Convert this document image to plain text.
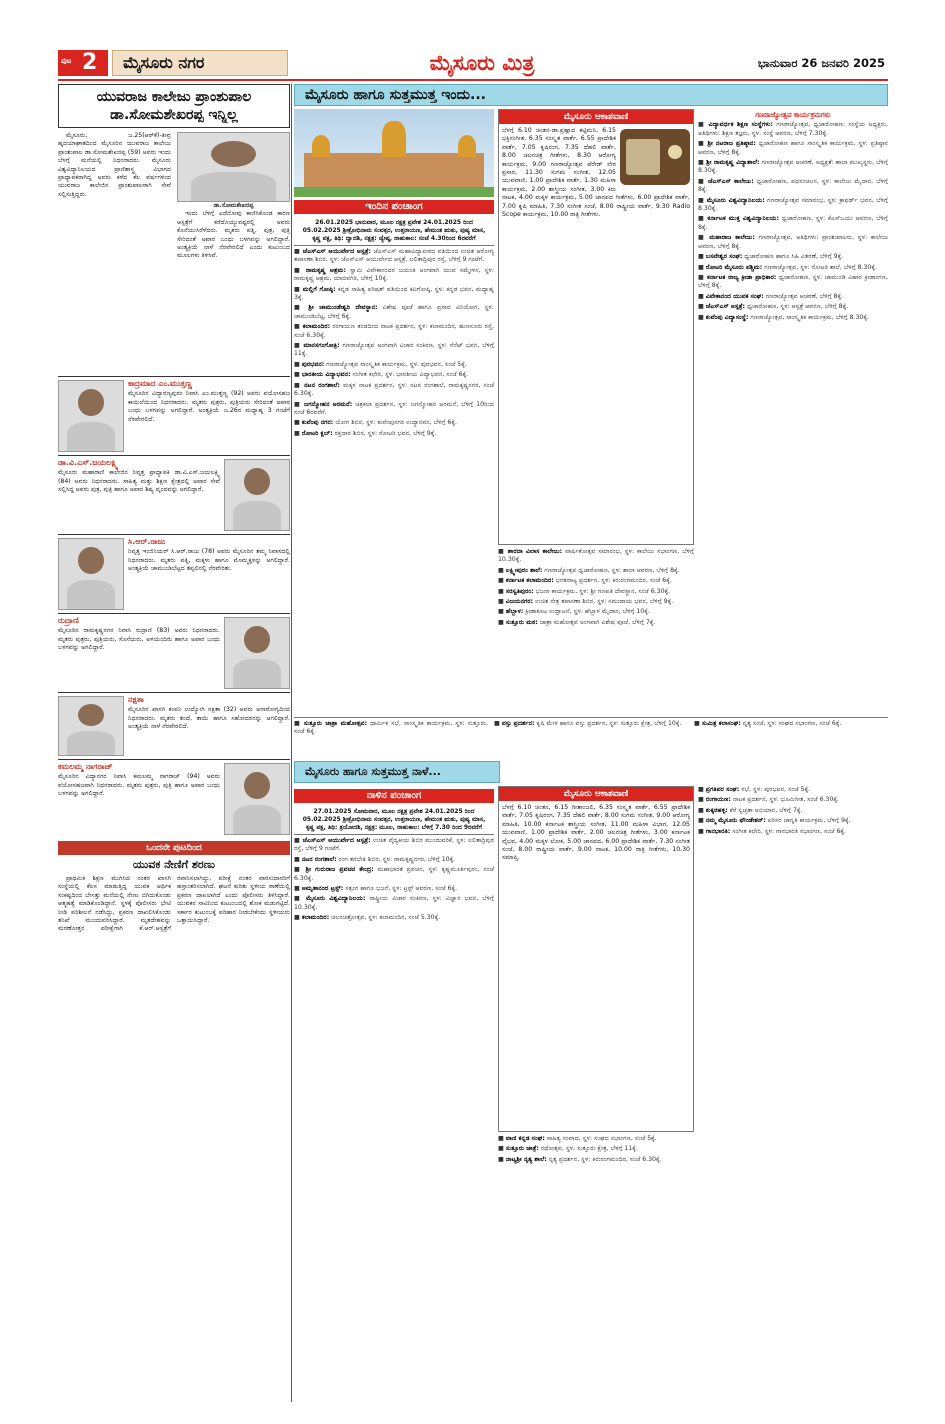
ಪುಟ 2	ಮೈಸೂರು ನಗರ	ಮೈಸೂರು ಮಿತ್ರ	ಭಾನುವಾರ 26 ಜನವರಿ 2025
ಯುವರಾಜ ಕಾಲೇಜು ಪ್ರಾಂಶುಪಾಲ ಡಾ.ಸೋಮಶೇಖರಪ್ಪ ಇನ್ನಿಲ್ಲ

ಮೈಸೂರು, ಜ.25(ಆರ್‌ಕೆ)-ತೀವ್ರ ಹೃದಯಾಘಾತದಿಂದ ಮೈಸೂರಿನ ಯುವರಾಜ ಕಾಲೇಜು ಪ್ರಾಂಶುಪಾಲ ಡಾ.ಸೋಮಶೇಖರಪ್ಪ (59) ಅವರು ಇಂದು ಬೆಳಗ್ಗೆ ಮನೆಯಲ್ಲಿ ನಿಧನರಾದರು. ಮೈಸೂರು ವಿಶ್ವವಿದ್ಯಾನಿಲಯದ ಪ್ರಾಣಿಶಾಸ್ತ್ರ ವಿಭಾಗದ ಪ್ರಾಧ್ಯಾಪಕರಾಗಿದ್ದ ಅವರು ಕಳೆದ ಕೆಲ ವರ್ಷಗಳಿಂದ ಯುವರಾಜ ಕಾಲೇಜಿನ ಪ್ರಾಂಶುಪಾಲರಾಗಿ ಸೇವೆ ಸಲ್ಲಿಸುತ್ತಿದ್ದರು.

ಡಾ.ಸೋಮಶೇಖರಪ್ಪ

ಇಂದು ಬೆಳಿಗ್ಗೆ ಎದೆನೋವು ಕಾಣಿಸಿಕೊಂಡ ಕಾರಣ ಆಸ್ಪತ್ರೆಗೆ ಕರೆದೊಯ್ಯುವಷ್ಟರಲ್ಲಿ ಅವರು ಕೊನೆಯುಸಿರೆಳೆದರು. ಮೃತರು ಪತ್ನಿ, ಪುತ್ರ, ಪುತ್ರಿ ಸೇರಿದಂತೆ ಅಪಾರ ಬಂಧು ಬಳಗವನ್ನು ಅಗಲಿದ್ದಾರೆ. ಅಂತ್ಯಕ್ರಿಯೆ ನಾಳೆ ನೆರವೇರಲಿದೆ ಎಂದು ಕುಟುಂಬದ ಮೂಲಗಳು ತಿಳಿಸಿವೆ.

ಕಾದ್ರಮಾದ ಎಂ.ಮುತ್ತಣ್ಣ
ಮೈಸೂರಿನ ವಿದ್ಯಾರಣ್ಯಪುರಂ ನಿವಾಸಿ ಎಂ.ಮುತ್ತಣ್ಣ (92) ಅವರು ವಯೋಸಹಜ ಕಾಯಿಲೆಯಿಂದ ನಿಧನರಾದರು. ಮೃತರು ಪುತ್ರರು, ಪುತ್ರಿಯರು ಸೇರಿದಂತೆ ಅಪಾರ ಬಂಧು ಬಳಗವನ್ನು ಅಗಲಿದ್ದಾರೆ. ಅಂತ್ಯಕ್ರಿಯೆ ಜ.26ರ ಮಧ್ಯಾಹ್ನ 3 ಗಂಟೆಗೆ ನೆರವೇರಲಿದೆ.
ಡಾ.ವಿ.ಎಸ್.ಜಯಲಕ್ಷ್ಮಿ
ಮೈಸೂರು ಮಹಾರಾಣಿ ಕಾಲೇಜಿನ ನಿವೃತ್ತ ಪ್ರಾಧ್ಯಾಪಕಿ ಡಾ.ವಿ.ಎಸ್.ಜಯಲಕ್ಷ್ಮಿ (84) ಅವರು ನಿಧನರಾದರು. ಸಾಹಿತ್ಯ ಮತ್ತು ಶಿಕ್ಷಣ ಕ್ಷೇತ್ರದಲ್ಲಿ ಅಪಾರ ಸೇವೆ ಸಲ್ಲಿಸಿದ್ದ ಅವರು ಪುತ್ರ, ಪುತ್ರಿ ಹಾಗೂ ಅಪಾರ ಶಿಷ್ಯ ವೃಂದವನ್ನು ಅಗಲಿದ್ದಾರೆ.
ಸಿ.ಆರ್.ರಾಜು
ನಿವೃತ್ತ ಇಂಜಿನಿಯರ್ ಸಿ.ಆರ್.ರಾಜು (78) ಅವರು ಮೈಸೂರಿನ ತಮ್ಮ ನಿವಾಸದಲ್ಲಿ ನಿಧನರಾದರು. ಮೃತರು ಪತ್ನಿ, ಮಕ್ಕಳು ಹಾಗೂ ಮೊಮ್ಮಕ್ಕಳನ್ನು ಅಗಲಿದ್ದಾರೆ. ಅಂತ್ಯಕ್ರಿಯೆ ಚಾಮುಂಡಿಬೆಟ್ಟದ ತಪ್ಪಲಿನಲ್ಲಿ ನೆರವೇರಿತು.
ರುದ್ರಾಣಿ
ಮೈಸೂರಿನ ರಾಮಕೃಷ್ಣನಗರ ನಿವಾಸಿ ರುದ್ರಾಣಿ (83) ಅವರು ನಿಧನರಾದರು. ಮೃತರು ಪುತ್ರರು, ಪುತ್ರಿಯರು, ಸೊಸೆಯರು, ಅಳಿಯಂದಿರು ಹಾಗೂ ಅಪಾರ ಬಂಧು ಬಳಗವನ್ನು ಅಗಲಿದ್ದಾರೆ.
ನಕ್ಷತಾ
ಮೈಸೂರಿನ ಖಾಸಗಿ ಕಂಪನಿ ಉದ್ಯೋಗಿ ನಕ್ಷತಾ (32) ಅವರು ಅನಾರೋಗ್ಯದಿಂದ ನಿಧನರಾದರು. ಮೃತರು ತಂದೆ, ತಾಯಿ ಹಾಗೂ ಸಹೋದರನನ್ನು ಅಗಲಿದ್ದಾರೆ. ಅಂತ್ಯಕ್ರಿಯೆ ನಾಳೆ ನೆರವೇರಲಿದೆ.
ಕಮಲಮ್ಮ ನಾಗರಾಜ್
ಮೈಸೂರಿನ ವಿದ್ಯಾನಗರ ನಿವಾಸಿ ಕಮಲಮ್ಮ ನಾಗರಾಜ್ (94) ಅವರು ವಯೋಸಹಜವಾಗಿ ನಿಧನರಾದರು. ಮೃತರು ಪುತ್ರರು, ಪುತ್ರಿ ಹಾಗೂ ಅಪಾರ ಬಂಧು ಬಳಗವನ್ನು ಅಗಲಿದ್ದಾರೆ.
ಒಂದನೇ ಪುಟದಿಂದ
ಯುವಕ ನೇಣಿಗೆ ಶರಣು

ಪ್ರಾಥಮಿಕ ಶಿಕ್ಷಣ ಮುಗಿಸಿದ ನಂತರ ಖಾಸಗಿ ಸಂಸ್ಥೆಯಲ್ಲಿ ಕೆಲಸ ಮಾಡುತ್ತಿದ್ದ ಯುವಕ ಆರ್ಥಿಕ ಸಂಕಷ್ಟದಿಂದ ಬೇಸತ್ತು ಮನೆಯಲ್ಲಿ ನೇಣು ಬಿಗಿದುಕೊಂಡು ಆತ್ಮಹತ್ಯೆ ಮಾಡಿಕೊಂಡಿದ್ದಾನೆ. ಸ್ಥಳಕ್ಕೆ ಪೊಲೀಸರು ಭೇಟಿ ನೀಡಿ ಪರಿಶೀಲನೆ ನಡೆಸಿದ್ದು, ಪ್ರಕರಣ ದಾಖಲಿಸಿಕೊಂಡು ತನಿಖೆ ಮುಂದುವರಿಸಿದ್ದಾರೆ. ಮೃತದೇಹವನ್ನು ಮರಣೋತ್ತರ ಪರೀಕ್ಷೆಗಾಗಿ ಕೆ.ಆರ್.ಆಸ್ಪತ್ರೆಗೆ ರವಾನಿಸಲಾಗಿದ್ದು, ಪರೀಕ್ಷೆ ನಂತರ ವಾರಸುದಾರರಿಗೆ ಹಸ್ತಾಂತರಿಸಲಾಗಿದೆ. ಘಟನೆ ಕುರಿತು ಸ್ಥಳೀಯ ಠಾಣೆಯಲ್ಲಿ ಪ್ರಕರಣ ದಾಖಲಾಗಿದೆ ಎಂದು ಪೊಲೀಸರು ತಿಳಿಸಿದ್ದಾರೆ. ಯುವಕನ ಸಾವಿನಿಂದ ಕುಟುಂಬದಲ್ಲಿ ಶೋಕ ಮಡುಗಟ್ಟಿದೆ. ಸರ್ಕಾರ ಕುಟುಂಬಕ್ಕೆ ಪರಿಹಾರ ನೀಡಬೇಕೆಂದು ಸ್ಥಳೀಯರು ಒತ್ತಾಯಿಸಿದ್ದಾರೆ.

ಮೈಸೂರು ಹಾಗೂ ಸುತ್ತಮುತ್ತ ಇಂದು...
ಇಂದಿನ ಪಂಚಾಂಗ
26.01.2025 ಭಾನುವಾರ, ಮೂಲ ನಕ್ಷತ್ರ ಪ್ರವೇಶ 24.01.2025 ರಿಂದ 05.02.2025 ಶ್ರೀಕ್ರೋಧಿನಾಮ ಸಂವತ್ಸರ, ಉತ್ತರಾಯಣ, ಹೇಮಂತ ಋತು, ಪುಷ್ಯ ಮಾಸ, ಕೃಷ್ಣ ಪಕ್ಷ, ತಿಥಿ: ದ್ವಾದಶಿ, ನಕ್ಷತ್ರ: ಜ್ಯೇಷ್ಠ, ರಾಹುಕಾಲ: ಸಂಜೆ 4.30ರಿಂದ 6ರವರೆಗೆ
■ ಜೆಎಸ್‌ಎಸ್ ಆಯುರ್ವೇದ ಆಸ್ಪತ್ರೆ: ಜೆಎಸ್‌ಎಸ್ ಮಹಾವಿದ್ಯಾಪೀಠದ ವತಿಯಿಂದ ಉಚಿತ ಆರೋಗ್ಯ ತಪಾಸಣಾ ಶಿಬಿರ, ಸ್ಥಳ: ಜೆಎಸ್‌ಎಸ್ ಆಯುರ್ವೇದ ಆಸ್ಪತ್ರೆ, ಲಲಿತಾದ್ರಿಪುರ ರಸ್ತೆ, ಬೆಳಿಗ್ಗೆ 9 ಗಂಟೆಗೆ.
■ ರಾಮಕೃಷ್ಣ ಆಶ್ರಮ: ಸ್ವಾಮಿ ವಿವೇಕಾನಂದರ ಜಯಂತಿ ಅಂಗವಾಗಿ ಯುವ ಸಮ್ಮೇಳನ, ಸ್ಥಳ: ರಾಮಕೃಷ್ಣ ಆಶ್ರಮ, ಯಾದವಗಿರಿ, ಬೆಳಿಗ್ಗೆ 10ಕ್ಕೆ.
■ ಮಲ್ಲಿಗೆ ಗೋಷ್ಠಿ: ಕನ್ನಡ ಸಾಹಿತ್ಯ ಪರಿಷತ್ ವತಿಯಿಂದ ಕವಿಗೋಷ್ಠಿ, ಸ್ಥಳ: ಕನ್ನಡ ಭವನ, ಮಧ್ಯಾಹ್ನ 3ಕ್ಕೆ.
■ ಶ್ರೀ ಚಾಮುಂಡೇಶ್ವರಿ ದೇವಸ್ಥಾನ: ವಿಶೇಷ ಪೂಜೆ ಹಾಗೂ ಪ್ರಸಾದ ವಿನಿಯೋಗ, ಸ್ಥಳ: ಚಾಮುಂಡಿಬೆಟ್ಟ, ಬೆಳಿಗ್ಗೆ 6ಕ್ಕೆ.
■ ಕಲಾಮಂದಿರ: ರಂಗಾಯಣ ತಂಡದಿಂದ ನಾಟಕ ಪ್ರದರ್ಶನ, ಸ್ಥಳ: ಕಲಾಮಂದಿರ, ಹುಣಸೂರು ರಸ್ತೆ, ಸಂಜೆ 6.30ಕ್ಕೆ.
■ ಮಾನಸಗಂಗೋತ್ರಿ: ಗಣರಾಜ್ಯೋತ್ಸವ ಅಂಗವಾಗಿ ವಿಚಾರ ಸಂಕಿರಣ, ಸ್ಥಳ: ಸೆನೆಟ್ ಭವನ, ಬೆಳಿಗ್ಗೆ 11ಕ್ಕೆ.
■ ಪುರಭವನ: ಗಣರಾಜ್ಯೋತ್ಸವ ಸಾಂಸ್ಕೃತಿಕ ಕಾರ್ಯಕ್ರಮ, ಸ್ಥಳ: ಪುರಭವನ, ಸಂಜೆ 5ಕ್ಕೆ.
■ ಭಾರತೀಯ ವಿದ್ಯಾಭವನ: ಸಂಗೀತ ಕಛೇರಿ, ಸ್ಥಳ: ಭಾರತೀಯ ವಿದ್ಯಾಭವನ, ಸಂಜೆ 6ಕ್ಕೆ.
■ ನಟನ ರಂಗಶಾಲೆ: ಮಕ್ಕಳ ನಾಟಕ ಪ್ರದರ್ಶನ, ಸ್ಥಳ: ನಟನ ರಂಗಶಾಲೆ, ರಾಮಕೃಷ್ಣನಗರ, ಸಂಜೆ 6.30ಕ್ಕೆ.
■ ಜಗನ್ಮೋಹನ ಅರಮನೆ: ಚಿತ್ರಕಲಾ ಪ್ರದರ್ಶನ, ಸ್ಥಳ: ಜಗನ್ಮೋಹನ ಅರಮನೆ, ಬೆಳಿಗ್ಗೆ 10ರಿಂದ ಸಂಜೆ 6ರವರೆಗೆ.
■ ಕುವೆಂಪು ನಗರ: ಯೋಗ ಶಿಬಿರ, ಸ್ಥಳ: ಕುವೆಂಪುನಗರ ಉದ್ಯಾನವನ, ಬೆಳಿಗ್ಗೆ 6ಕ್ಕೆ.
■ ರೋಟರಿ ಕ್ಲಬ್: ರಕ್ತದಾನ ಶಿಬಿರ, ಸ್ಥಳ: ರೋಟರಿ ಭವನ, ಬೆಳಿಗ್ಗೆ 9ಕ್ಕೆ.
ಮೈಸೂರು ಆಕಾಶವಾಣಿ
ಬೆಳಗ್ಗೆ 6.10 ಚಿಂತನ-ಡಾ.ಪ್ರಹ್ಲಾದ ಕಟ್ಟಿಮನಿ, 6.15 ಭಕ್ತಿಸಂಗೀತ, 6.35 ಸಂಸ್ಕೃತ ವಾರ್ತೆ, 6.55 ಪ್ರಾದೇಶಿಕ ವಾರ್ತೆ, 7.05 ಕೃಷಿರಂಗ, 7.35 ದೆಹಲಿ ವಾರ್ತೆ, 8.00 ಚಲನಚಿತ್ರ ಗೀತೆಗಳು, 8.30 ಆರೋಗ್ಯ ಕಾರ್ಯಕ್ರಮ, 9.00 ಗಣರಾಜ್ಯೋತ್ಸವ ಪೆರೇಡ್ ನೇರ ಪ್ರಸಾರ, 11.30 ಸುಗಮ ಸಂಗೀತ, 12.05 ಯುವವಾಣಿ, 1.00 ಪ್ರಾದೇಶಿಕ ವಾರ್ತೆ, 1.30 ಮಹಿಳಾ ಕಾರ್ಯಕ್ರಮ, 2.00 ಶಾಸ್ತ್ರೀಯ ಸಂಗೀತ, 3.00 ಕಿರು ನಾಟಕ, 4.00 ಮಕ್ಕಳ ಕಾರ್ಯಕ್ರಮ, 5.00 ಜಾನಪದ ಗೀತೆಗಳು, 6.00 ಪ್ರಾದೇಶಿಕ ವಾರ್ತೆ, 7.00 ಕೃಷಿ ಮಾಹಿತಿ, 7.30 ಸಂಗೀತ ಸಂಜೆ, 8.00 ರಾಷ್ಟ್ರೀಯ ವಾರ್ತೆ, 9.30 Radio Scope ಕಾರ್ಯಕ್ರಮ, 10.00 ರಾತ್ರಿ ಗೀತೆಗಳು.
■ ಶಾರದಾ ವಿಲಾಸ ಕಾಲೇಜು: ವಾರ್ಷಿಕೋತ್ಸವ ಸಮಾರಂಭ, ಸ್ಥಳ: ಕಾಲೇಜು ಸಭಾಂಗಣ, ಬೆಳಿಗ್ಗೆ 10.30ಕ್ಕೆ.
■ ಲಕ್ಷ್ಮೀಪುರಂ ಶಾಲೆ: ಗಣರಾಜ್ಯೋತ್ಸವ ಧ್ವಜಾರೋಹಣ, ಸ್ಥಳ: ಶಾಲಾ ಆವರಣ, ಬೆಳಿಗ್ಗೆ 8ಕ್ಕೆ.
■ ಕರ್ನಾಟಕ ಕಲಾಮಂದಿರ: ಭರತನಾಟ್ಯ ಪ್ರದರ್ಶನ, ಸ್ಥಳ: ಕಿರುರಂಗಮಂದಿರ, ಸಂಜೆ 6ಕ್ಕೆ.
■ ಸರಸ್ವತಿಪುರಂ: ಭಜನಾ ಕಾರ್ಯಕ್ರಮ, ಸ್ಥಳ: ಶ್ರೀ ಗಣಪತಿ ದೇವಸ್ಥಾನ, ಸಂಜೆ 6.30ಕ್ಕೆ.
■ ವಿಜಯನಗರ: ಉಚಿತ ನೇತ್ರ ತಪಾಸಣಾ ಶಿಬಿರ, ಸ್ಥಳ: ಸಮುದಾಯ ಭವನ, ಬೆಳಿಗ್ಗೆ 9ಕ್ಕೆ.
■ ಹೆಬ್ಬಾಳ: ಕ್ರೀಡಾಕೂಟ ಉದ್ಘಾಟನೆ, ಸ್ಥಳ: ಹೆಬ್ಬಾಳ ಮೈದಾನ, ಬೆಳಿಗ್ಗೆ 10ಕ್ಕೆ.
■ ಸುತ್ತೂರು ಮಠ: ಜಾತ್ರಾ ಮಹೋತ್ಸವ ಅಂಗವಾಗಿ ವಿಶೇಷ ಪೂಜೆ, ಬೆಳಿಗ್ಗೆ 7ಕ್ಕೆ.
ಗಣರಾಜ್ಯೋತ್ಸವ ಕಾರ್ಯಕ್ರಮಗಳು
■ ವಿದ್ಯಾವರ್ಧಕ ಶಿಕ್ಷಣ ಸಂಸ್ಥೆಗಳು: ಗಣರಾಜ್ಯೋತ್ಸವ, ಧ್ವಜಾರೋಹಣ: ಸಂಸ್ಥೆಯ ಅಧ್ಯಕ್ಷರು, ಅತಿಥಿಗಳು: ಶಿಕ್ಷಣ ತಜ್ಞರು, ಸ್ಥಳ: ಸಂಸ್ಥೆ ಆವರಣ, ಬೆಳಿಗ್ಗೆ 7.30ಕ್ಕೆ.
■ ಶ್ರೀ ನಟರಾಜ ಪ್ರತಿಷ್ಠಾನ: ಧ್ವಜಾರೋಹಣ ಹಾಗೂ ಸಾಂಸ್ಕೃತಿಕ ಕಾರ್ಯಕ್ರಮ, ಸ್ಥಳ: ಪ್ರತಿಷ್ಠಾನ ಆವರಣ, ಬೆಳಿಗ್ಗೆ 8ಕ್ಕೆ.
■ ಶ್ರೀ ರಾಮಕೃಷ್ಣ ವಿದ್ಯಾಶಾಲೆ: ಗಣರಾಜ್ಯೋತ್ಸವ ಆಚರಣೆ, ಅಧ್ಯಕ್ಷತೆ: ಶಾಲಾ ಮುಖ್ಯಸ್ಥರು, ಬೆಳಿಗ್ಗೆ 8.30ಕ್ಕೆ.
■ ಜೆಎಸ್‌ಎಸ್ ಕಾಲೇಜು: ಧ್ವಜಾರೋಹಣ, ಪಥಸಂಚಲನ, ಸ್ಥಳ: ಕಾಲೇಜು ಮೈದಾನ, ಬೆಳಿಗ್ಗೆ 8ಕ್ಕೆ.
■ ಮೈಸೂರು ವಿಶ್ವವಿದ್ಯಾನಿಲಯ: ಗಣರಾಜ್ಯೋತ್ಸವ ಸಮಾರಂಭ, ಸ್ಥಳ: ಕ್ರಾಫರ್ಡ್ ಭವನ, ಬೆಳಿಗ್ಗೆ 8.30ಕ್ಕೆ.
■ ಕರ್ನಾಟಕ ಮುಕ್ತ ವಿಶ್ವವಿದ್ಯಾನಿಲಯ: ಧ್ವಜಾರೋಹಣ, ಸ್ಥಳ: ಕೆಎಸ್‌ಒಯು ಆವರಣ, ಬೆಳಿಗ್ಗೆ 8ಕ್ಕೆ.
■ ಮಹಾರಾಜ ಕಾಲೇಜು: ಗಣರಾಜ್ಯೋತ್ಸವ, ಅತಿಥಿಗಳು: ಪ್ರಾಂಶುಪಾಲರು, ಸ್ಥಳ: ಕಾಲೇಜು ಆವರಣ, ಬೆಳಿಗ್ಗೆ 8ಕ್ಕೆ.
■ ಬಸವೇಶ್ವರ ಸಂಘ: ಧ್ವಜಾರೋಹಣ ಹಾಗೂ ಸಿಹಿ ವಿತರಣೆ, ಬೆಳಿಗ್ಗೆ 9ಕ್ಕೆ.
■ ರೋಟರಿ ಮೈಸೂರು ಪಶ್ಚಿಮ: ಗಣರಾಜ್ಯೋತ್ಸವ, ಸ್ಥಳ: ರೋಟರಿ ಶಾಲೆ, ಬೆಳಿಗ್ಗೆ 8.30ಕ್ಕೆ.
■ ಕರ್ನಾಟಕ ರಾಜ್ಯ ಕ್ರೀಡಾ ಪ್ರಾಧಿಕಾರ: ಧ್ವಜಾರೋಹಣ, ಸ್ಥಳ: ಚಾಮುಂಡಿ ವಿಹಾರ ಕ್ರೀಡಾಂಗಣ, ಬೆಳಿಗ್ಗೆ 8ಕ್ಕೆ.
■ ವಿವೇಕಾನಂದ ಯುವಕ ಸಂಘ: ಗಣರಾಜ್ಯೋತ್ಸವ ಆಚರಣೆ, ಬೆಳಿಗ್ಗೆ 8ಕ್ಕೆ.
■ ಜೆಎಸ್‌ಎಸ್ ಆಸ್ಪತ್ರೆ: ಧ್ವಜಾರೋಹಣ, ಸ್ಥಳ: ಆಸ್ಪತ್ರೆ ಆವರಣ, ಬೆಳಿಗ್ಗೆ 8ಕ್ಕೆ.
■ ಕುವೆಂಪು ವಿದ್ಯಾಸಂಸ್ಥೆ: ಗಣರಾಜ್ಯೋತ್ಸವ, ಸಾಂಸ್ಕೃತಿಕ ಕಾರ್ಯಕ್ರಮ, ಬೆಳಿಗ್ಗೆ 8.30ಕ್ಕೆ.
■ ಸುತ್ತೂರು ಜಾತ್ರಾ ಮಹೋತ್ಸವ: ಧಾರ್ಮಿಕ ಸಭೆ, ಸಾಂಸ್ಕೃತಿಕ ಕಾರ್ಯಕ್ರಮ, ಸ್ಥಳ: ಸುತ್ತೂರು, ಸಂಜೆ 6ಕ್ಕೆ.
■ ವಸ್ತು ಪ್ರದರ್ಶನ: ಕೃಷಿ ಮೇಳ ಹಾಗೂ ವಸ್ತು ಪ್ರದರ್ಶನ, ಸ್ಥಳ: ಸುತ್ತೂರು ಕ್ಷೇತ್ರ, ಬೆಳಿಗ್ಗೆ 10ಕ್ಕೆ.	■ ಸುಮಿತ್ರ ಕಲಾಸಂಘ: ನೃತ್ಯ ಸಂಜೆ, ಸ್ಥಳ: ಸಂಘದ ಸಭಾಂಗಣ, ಸಂಜೆ 6ಕ್ಕೆ.
ಮೈಸೂರು ಹಾಗೂ ಸುತ್ತಮುತ್ತ ನಾಳೆ...
ನಾಳಿನ ಪಂಚಾಂಗ
27.01.2025 ಸೋಮವಾರ, ಮೂಲ ನಕ್ಷತ್ರ ಪ್ರವೇಶ 24.01.2025 ರಿಂದ 05.02.2025 ಶ್ರೀಕ್ರೋಧಿನಾಮ ಸಂವತ್ಸರ, ಉತ್ತರಾಯಣ, ಹೇಮಂತ ಋತು, ಪುಷ್ಯ ಮಾಸ, ಕೃಷ್ಣ ಪಕ್ಷ, ತಿಥಿ: ತ್ರಯೋದಶಿ, ನಕ್ಷತ್ರ: ಮೂಲ, ರಾಹುಕಾಲ: ಬೆಳಿಗ್ಗೆ 7.30 ರಿಂದ 9ರವರೆಗೆ
■ ಜೆಎಸ್‌ಎಸ್ ಆಯುರ್ವೇದ ಆಸ್ಪತ್ರೆ: ಉಚಿತ ವೈದ್ಯಕೀಯ ಶಿಬಿರ ಮುಂದುವರಿಕೆ, ಸ್ಥಳ: ಲಲಿತಾದ್ರಿಪುರ ರಸ್ತೆ, ಬೆಳಿಗ್ಗೆ 9 ಗಂಟೆಗೆ.
■ ನಟನ ರಂಗಶಾಲೆ: ರಂಗ ತರಬೇತಿ ಶಿಬಿರ, ಸ್ಥಳ: ರಾಮಕೃಷ್ಣನಗರ, ಬೆಳಿಗ್ಗೆ 10ಕ್ಕೆ.
■ ಶ್ರೀ ಗುರುರಾಜ ಪ್ರವಚನ ಕೇಂದ್ರ: ಮಹಾಭಾರತ ಪ್ರವಚನ, ಸ್ಥಳ: ಕೃಷ್ಣಮೂರ್ತಿಪುರಂ, ಸಂಜೆ 6.30ಕ್ಕೆ.
■ ಅಮೃತಾನಂದ ಟ್ರಸ್ಟ್: ಸತ್ಸಂಗ ಹಾಗೂ ಭಜನೆ, ಸ್ಥಳ: ಟ್ರಸ್ಟ್ ಆವರಣ, ಸಂಜೆ 6ಕ್ಕೆ.
■ ಮೈಸೂರು ವಿಶ್ವವಿದ್ಯಾನಿಲಯ: ರಾಷ್ಟ್ರೀಯ ವಿಚಾರ ಸಂಕಿರಣ, ಸ್ಥಳ: ವಿಜ್ಞಾನ ಭವನ, ಬೆಳಿಗ್ಗೆ 10.30ಕ್ಕೆ.
■ ಕಲಾಮಂದಿರ: ಚಲನಚಿತ್ರೋತ್ಸವ, ಸ್ಥಳ: ಕಲಾಮಂದಿರ, ಸಂಜೆ 5.30ಕ್ಕೆ.
ಮೈಸೂರು ಆಕಾಶವಾಣಿ
ಬೆಳಗ್ಗೆ 6.10 ಚಿಂತನ, 6.15 ಗೀತಾಂಜಲಿ, 6.35 ಸಂಸ್ಕೃತ ವಾರ್ತೆ, 6.55 ಪ್ರಾದೇಶಿಕ ವಾರ್ತೆ, 7.05 ಕೃಷಿರಂಗ, 7.35 ದೆಹಲಿ ವಾರ್ತೆ, 8.00 ಸುಗಮ ಸಂಗೀತ, 9.00 ಆರೋಗ್ಯ ಮಾಹಿತಿ, 10.00 ಕರ್ನಾಟಕ ಶಾಸ್ತ್ರೀಯ ಸಂಗೀತ, 11.00 ಮಹಿಳಾ ವಿಭಾಗ, 12.05 ಯುವವಾಣಿ, 1.00 ಪ್ರಾದೇಶಿಕ ವಾರ್ತೆ, 2.00 ಚಲನಚಿತ್ರ ಗೀತೆಗಳು, 3.00 ಕರ್ನಾಟಕ ವೈಭವ, 4.00 ಮಕ್ಕಳ ಲೋಕ, 5.00 ಜಾನಪದ, 6.00 ಪ್ರಾದೇಶಿಕ ವಾರ್ತೆ, 7.30 ಸಂಗೀತ ಸಂಜೆ, 8.00 ರಾಷ್ಟ್ರೀಯ ವಾರ್ತೆ, 9.00 ನಾಟಕ, 10.00 ರಾತ್ರಿ ಗೀತೆಗಳು, 10.30 ಸಮಾಪ್ತಿ.
■ ವಾಣಿ ಕನ್ನಡ ಸಂಘ: ಸಾಹಿತ್ಯ ಸಂವಾದ, ಸ್ಥಳ: ಸಂಘದ ಸಭಾಂಗಣ, ಸಂಜೆ 5ಕ್ಕೆ.
■ ಸುತ್ತೂರು ಜಾತ್ರೆ: ರಥೋತ್ಸವ, ಸ್ಥಳ: ಸುತ್ತೂರು ಕ್ಷೇತ್ರ, ಬೆಳಿಗ್ಗೆ 11ಕ್ಕೆ.
■ ನಾಟ್ಯಶ್ರೀ ನೃತ್ಯ ಶಾಲೆ: ನೃತ್ಯ ಪ್ರದರ್ಶನ, ಸ್ಥಳ: ಕಿರುರಂಗಮಂದಿರ, ಸಂಜೆ 6.30ಕ್ಕೆ.
■ ಪ್ರಗತಿಪರ ಸಂಘ: ಸಭೆ, ಸ್ಥಳ: ಪುರಭವನ, ಸಂಜೆ 5ಕ್ಕೆ.
■ ರಂಗಾಯಣ: ನಾಟಕ ಪ್ರದರ್ಶನ, ಸ್ಥಳ: ಭೂಮಿಗೀತ, ಸಂಜೆ 6.30ಕ್ಕೆ.
■ ಕುಕ್ಕರಹಳ್ಳಿ: ಕೆರೆ ಸ್ವಚ್ಛತಾ ಅಭಿಯಾನ, ಬೆಳಿಗ್ಗೆ 7ಕ್ಕೆ.
■ ನಮ್ಮ ಮೈಸೂರು ಫೌಂಡೇಶನ್: ಪರಿಸರ ಜಾಗೃತಿ ಕಾರ್ಯಕ್ರಮ, ಬೆಳಿಗ್ಗೆ 9ಕ್ಕೆ.
■ ಗಾನಭಾರತಿ: ಸಂಗೀತ ಕಛೇರಿ, ಸ್ಥಳ: ಗಾನಭಾರತಿ ಸಭಾಂಗಣ, ಸಂಜೆ 6ಕ್ಕೆ.
